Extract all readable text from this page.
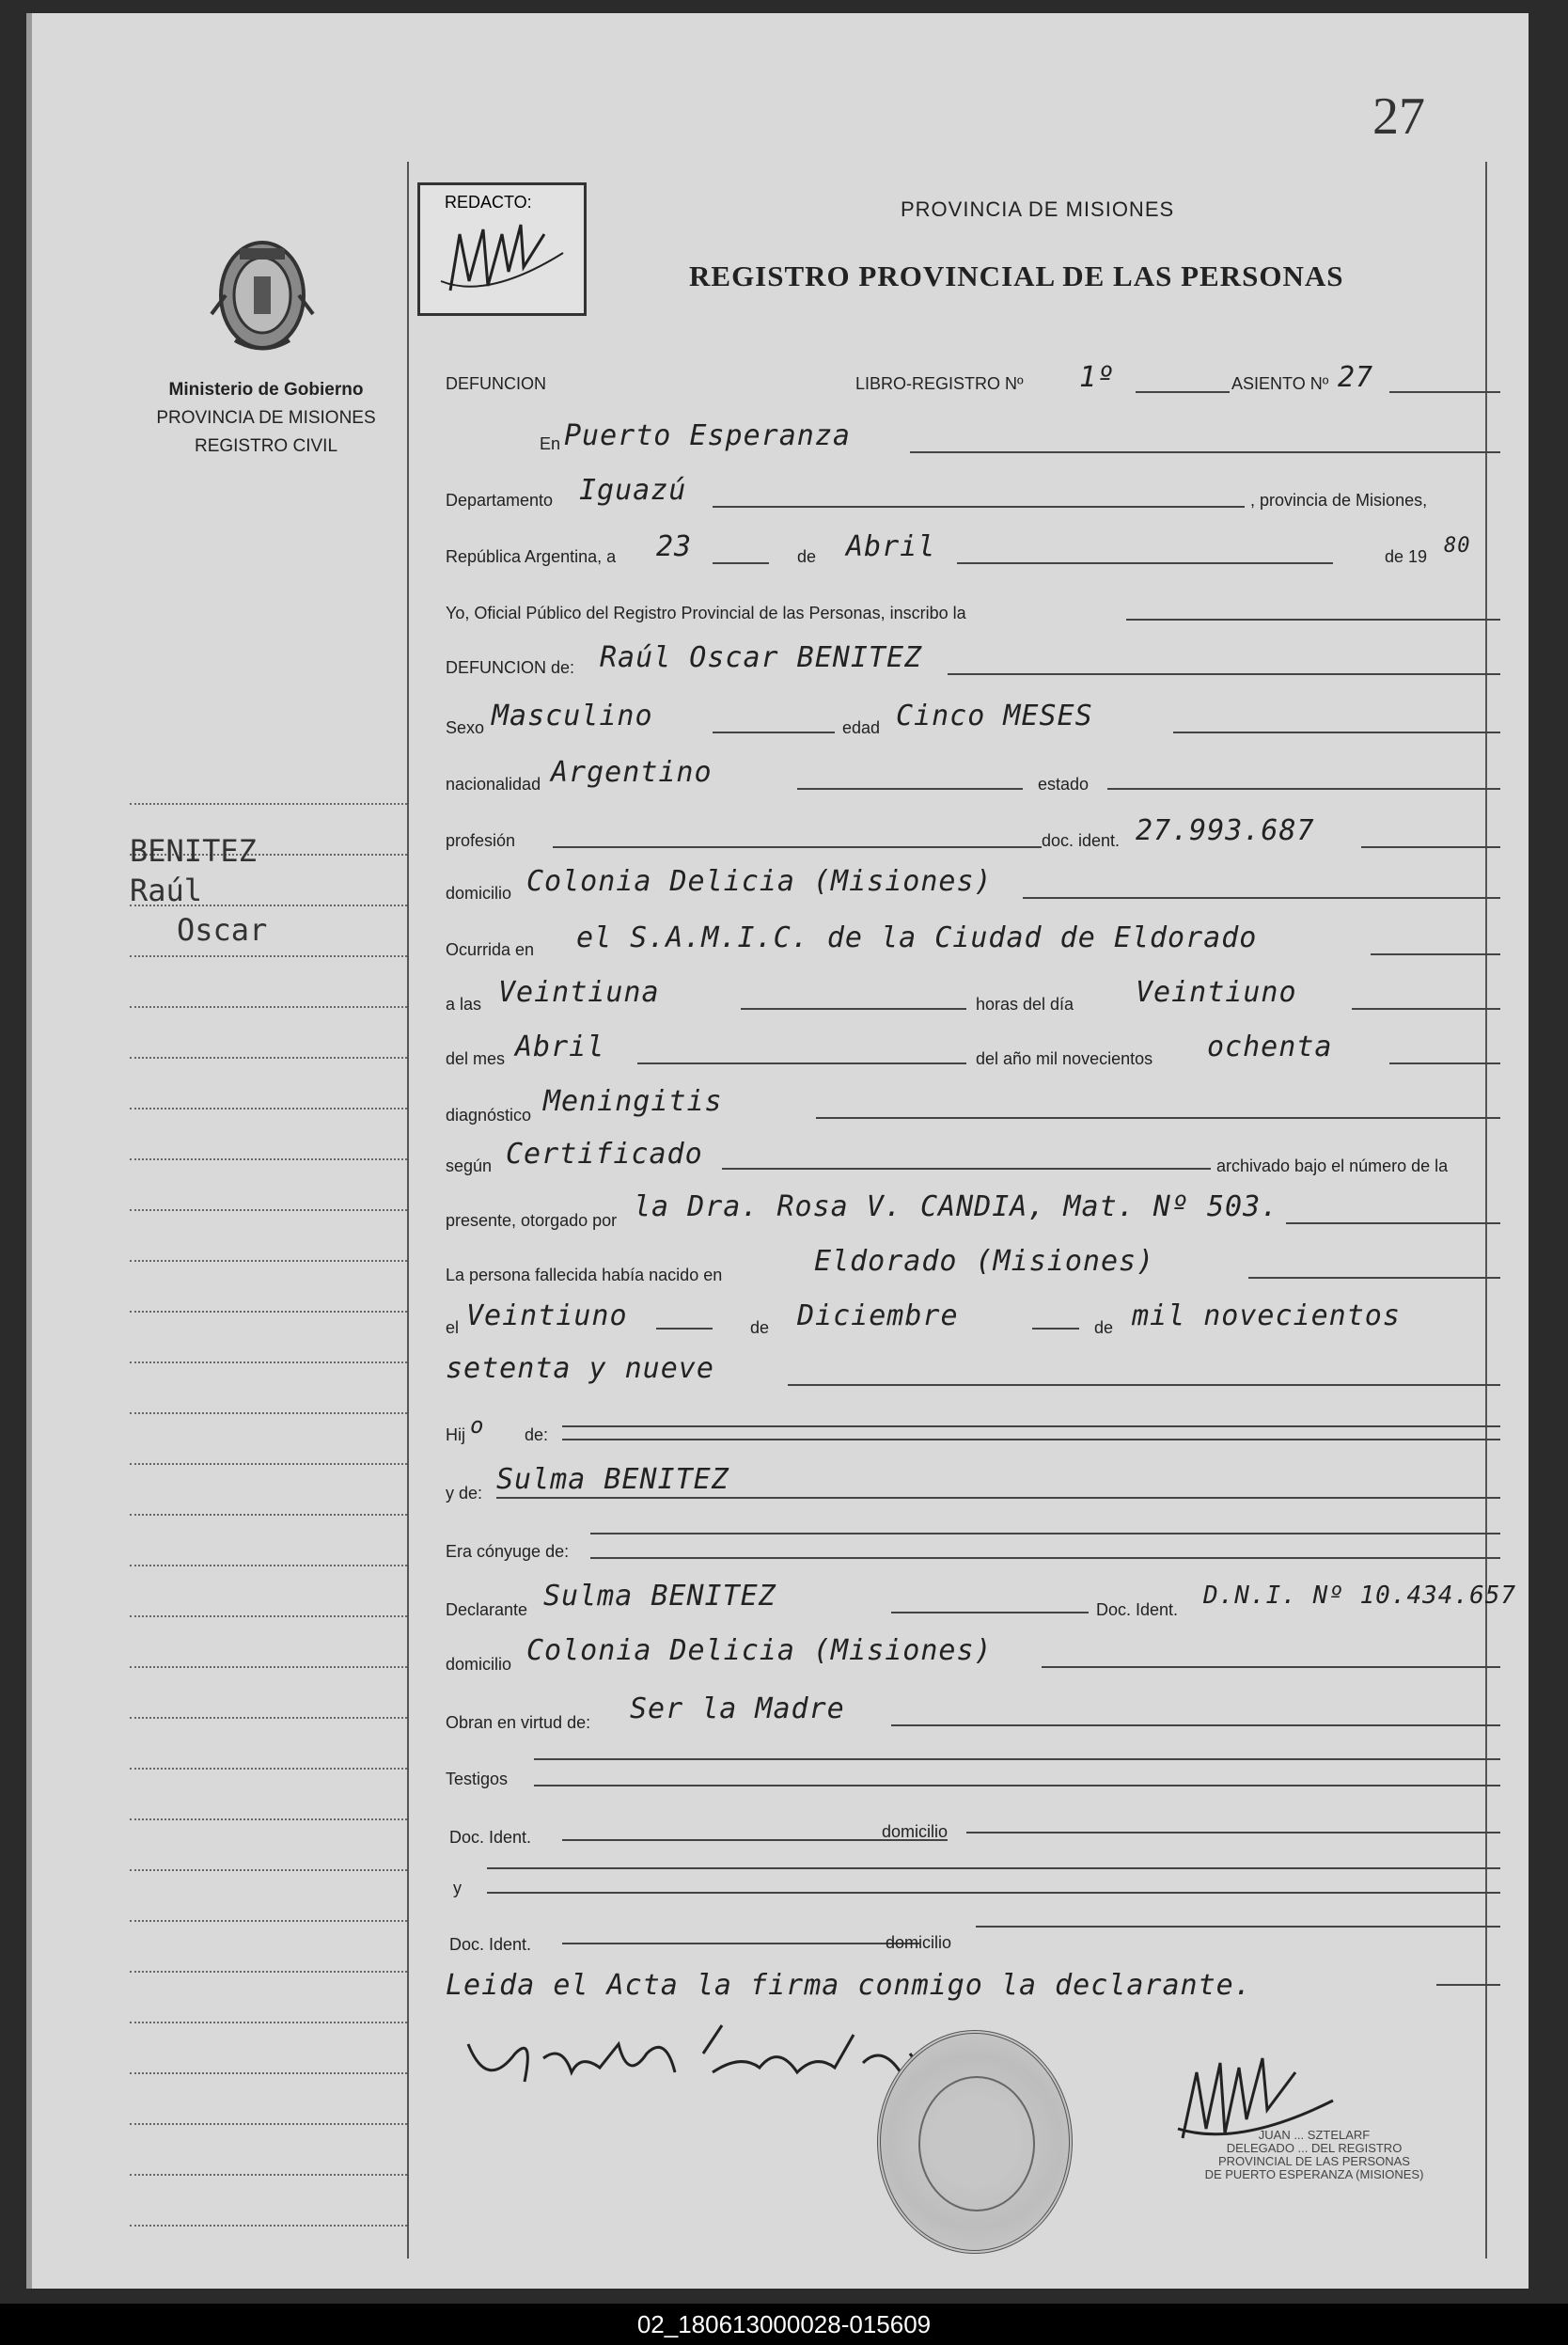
27
Ministerio de Gobierno
PROVINCIA DE MISIONES
REGISTRO CIVIL
BENITEZ
Raúl
Oscar
REDACTO:	PROVINCIA DE MISIONES
REGISTRO PROVINCIAL DE LAS PERSONAS
DEFUNCION	LIBRO-REGISTRO Nº 1º	ASIENTO Nº 27
En Puerto Esperanza
Departamento Iguazú	, provincia de Misiones,
República Argentina, a 23	de Abril	de 19 80
Yo, Oficial Público del Registro Provincial de las Personas, inscribo la
DEFUNCION de: Raúl Oscar BENITEZ
Sexo Masculino	edad Cinco MESES
nacionalidad Argentino	estado
profesión	doc. ident. 27.993.687
domicilio Colonia Delicia (Misiones)
Ocurrida en el S.A.M.I.C. de la Ciudad de Eldorado
a las Veintiuna	horas del día Veintiuno
del mes Abril	del año mil novecientos ochenta
diagnóstico Meningitis
según Certificado	archivado bajo el número de la
presente, otorgado por la Dra. Rosa V. CANDIA, Mat. Nº 503.
La persona fallecida había nacido en	Eldorado (Misiones)
el Veintiuno	de Diciembre	de mil novecientos
setenta y nueve
Hij o de:
y de: Sulma BENITEZ
Era cónyuge de:
Declarante Sulma BENITEZ	Doc. Ident. D.N.I. Nº 10.434.657
domicilio Colonia Delicia (Misiones)
Obran en virtud de: Ser la Madre
Testigos
Doc. Ident.	domicilio
y
Doc. Ident.	domicilio
Leida el Acta la firma conmigo la declarante.
JUAN ... SZTELARF
DELEGADO ... DEL REGISTRO
PROVINCIAL DE LAS PERSONAS
DE PUERTO ESPERANZA (MISIONES)
02_180613000028-015609
